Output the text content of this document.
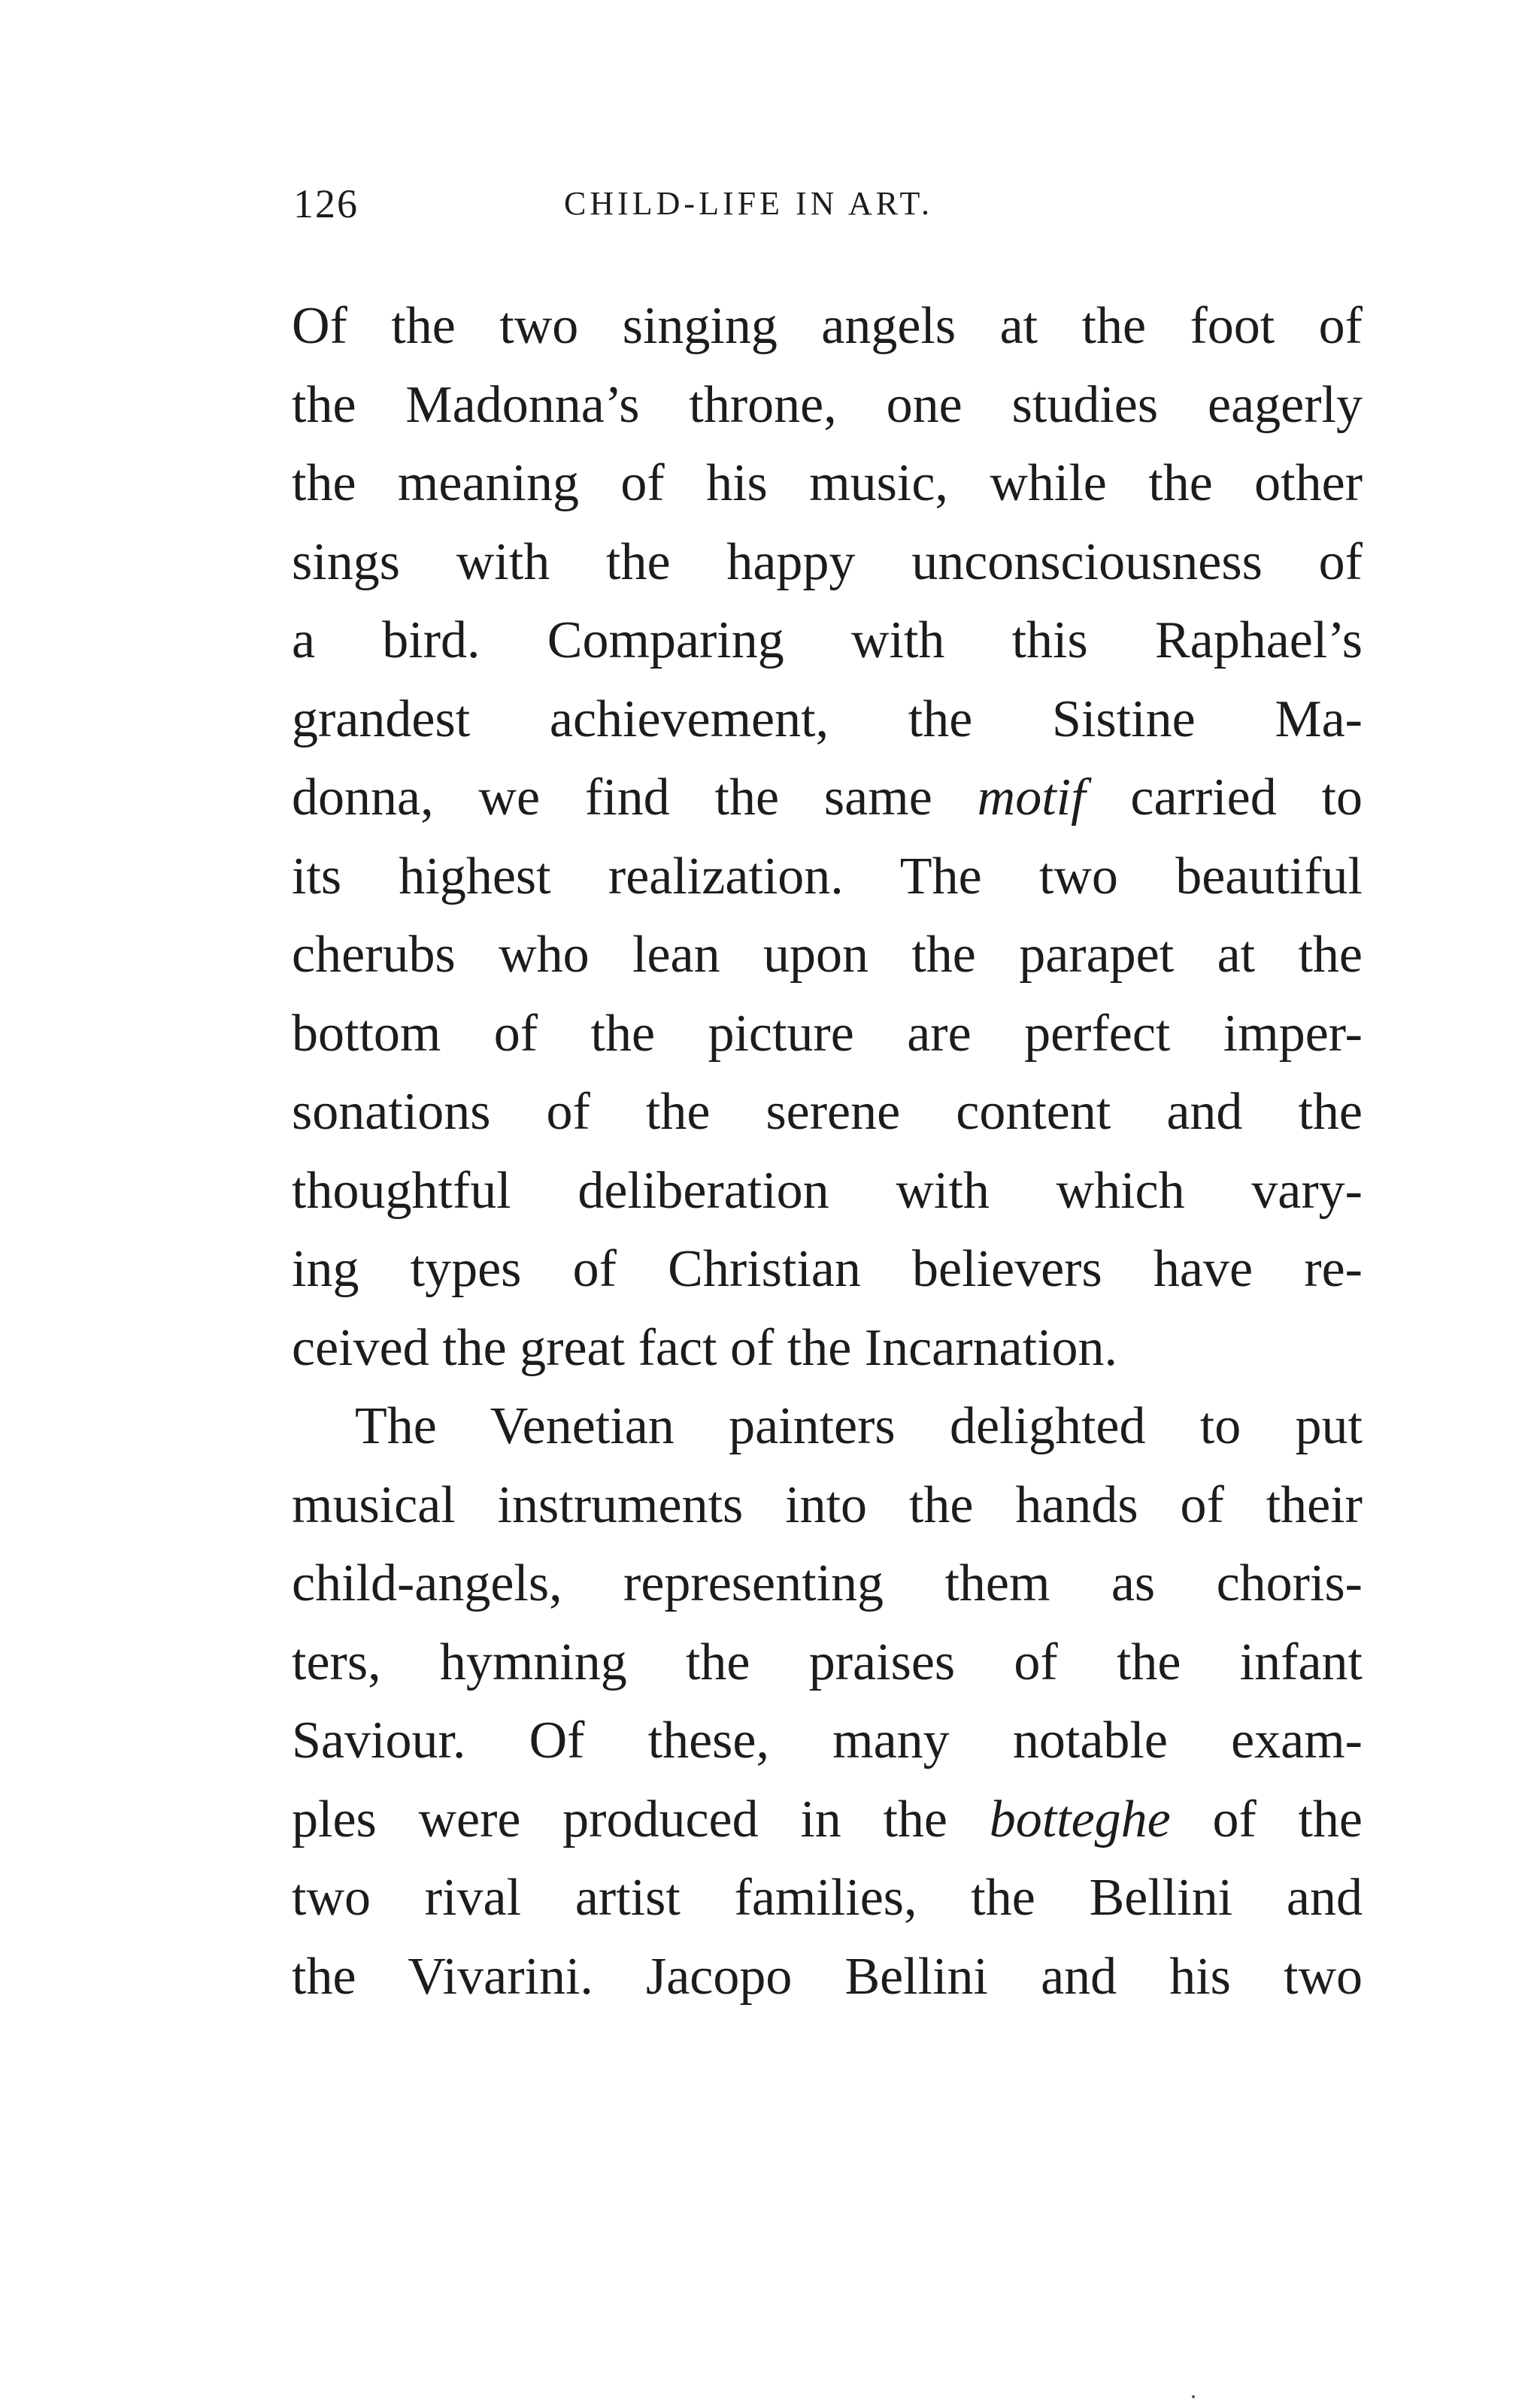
126	CHILD-LIFE IN ART.
Of the two singing angels at the foot of
the Madonna’s throne, one studies eagerly
the meaning of his music, while the other
sings with the happy unconsciousness of
a bird. Comparing with this Raphael’s
grandest achievement, the Sistine Ma-
donna, we find the same motif carried to
its highest realization. The two beautiful
cherubs who lean upon the parapet at the
bottom of the picture are perfect imper-
sonations of the serene content and the
thoughtful deliberation with which vary-
ing types of Christian believers have re-
ceived the great fact of the Incarnation.
The Venetian painters delighted to put
musical instruments into the hands of their
child-angels, representing them as choris-
ters, hymning the praises of the infant
Saviour. Of these, many notable exam-
ples were produced in the botteghe of the
two rival artist families, the Bellini and
the Vivarini. Jacopo Bellini and his two
